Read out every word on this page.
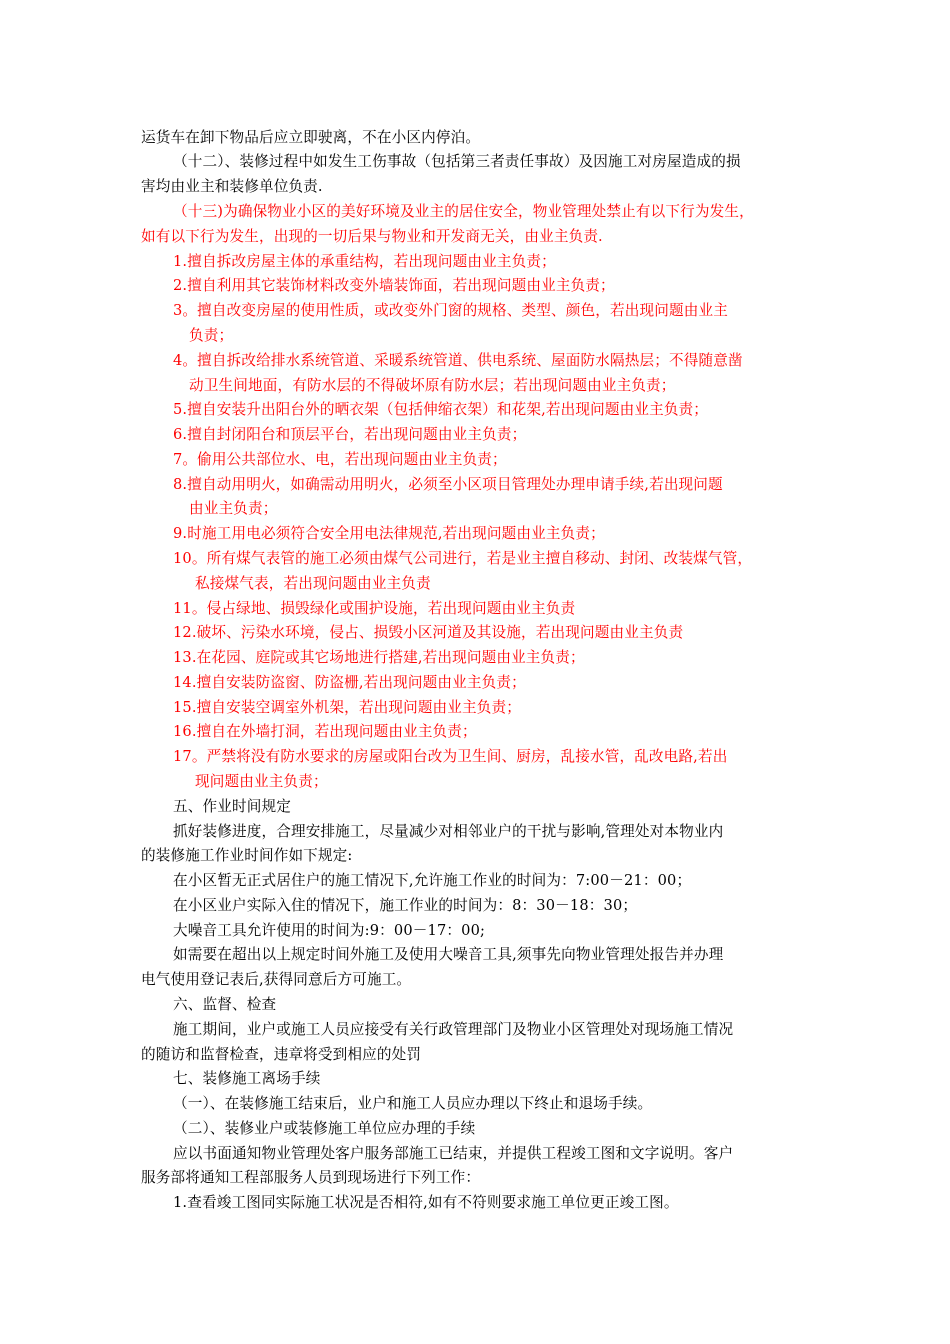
运货车在卸下物品后应立即驶离，不在小区内停泊。
（十二）、装修过程中如发生工伤事故（包括第三者责任事故）及因施工对房屋造成的损
害均由业主和装修单位负责.
（十三)为确保物业小区的美好环境及业主的居住安全，物业管理处禁止有以下行为发生，
如有以下行为发生，出现的一切后果与物业和开发商无关，由业主负责.
1.擅自拆改房屋主体的承重结构，若出现问题由业主负责；
2.擅自利用其它装饰材料改变外墙装饰面，若出现问题由业主负责；
3。擅自改变房屋的使用性质，或改变外门窗的规格、类型、颜色，若出现问题由业主
负责；
4。擅自拆改给排水系统管道、采暖系统管道、供电系统、屋面防水隔热层；不得随意凿
动卫生间地面，有防水层的不得破坏原有防水层；若出现问题由业主负责；
5.擅自安装升出阳台外的晒衣架（包括伸缩衣架）和花架,若出现问题由业主负责；
6.擅自封闭阳台和顶层平台，若出现问题由业主负责；
7。偷用公共部位水、电，若出现问题由业主负责；
8.擅自动用明火，如确需动用明火，必须至小区项目管理处办理申请手续,若出现问题
由业主负责；
9.时施工用电必须符合安全用电法律规范,若出现问题由业主负责；
10。所有煤气表管的施工必须由煤气公司进行，若是业主擅自移动、封闭、改装煤气管，
私接煤气表，若出现问题由业主负责
11。侵占绿地、损毁绿化或围护设施，若出现问题由业主负责
12.破坏、污染水环境，侵占、损毁小区河道及其设施，若出现问题由业主负责
13.在花园、庭院或其它场地进行搭建,若出现问题由业主负责；
14.擅自安装防盗窗、防盗栅,若出现问题由业主负责；
15.擅自安装空调室外机架，若出现问题由业主负责；
16.擅自在外墙打洞，若出现问题由业主负责；
17。严禁将没有防水要求的房屋或阳台改为卫生间、厨房，乱接水管，乱改电路,若出
现问题由业主负责；
五、作业时间规定
抓好装修进度，合理安排施工，尽量减少对相邻业户的干扰与影响,管理处对本物业内
的装修施工作业时间作如下规定:
在小区暂无正式居住户的施工情况下,允许施工作业的时间为：7:00－21：00；
在小区业户实际入住的情况下，施工作业的时间为：8：30－18：30；
大噪音工具允许使用的时间为:9：00－17：00;
如需要在超出以上规定时间外施工及使用大噪音工具,须事先向物业管理处报告并办理
电气使用登记表后,获得同意后方可施工。
六、监督、检查
施工期间，业户或施工人员应接受有关行政管理部门及物业小区管理处对现场施工情况
的随访和监督检查，违章将受到相应的处罚
七、装修施工离场手续
（一）、在装修施工结束后，业户和施工人员应办理以下终止和退场手续。
（二）、装修业户或装修施工单位应办理的手续
应以书面通知物业管理处客户服务部施工已结束，并提供工程竣工图和文字说明。客户
服务部将通知工程部服务人员到现场进行下列工作：
1.查看竣工图同实际施工状况是否相符,如有不符则要求施工单位更正竣工图。
